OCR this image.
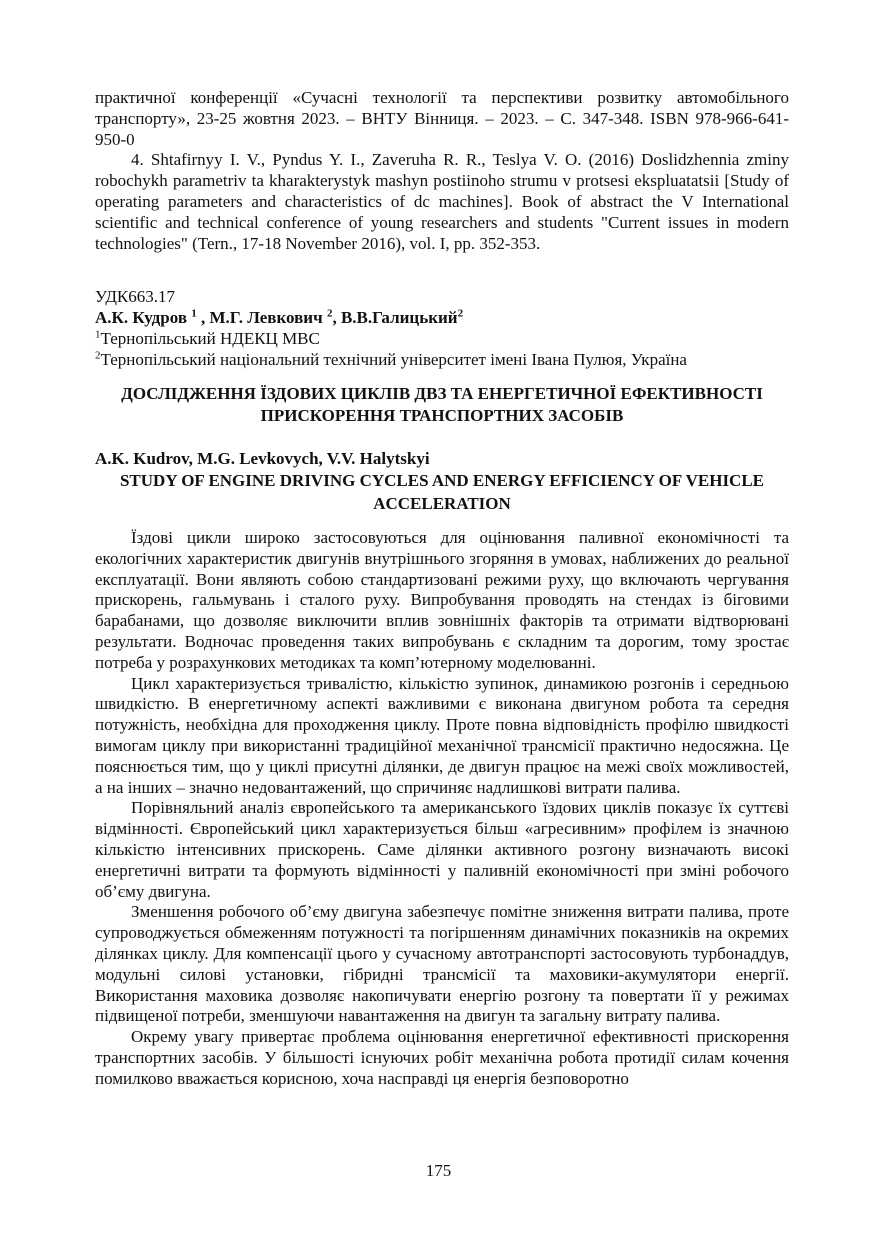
практичної конференції «Сучасні технології та перспективи розвитку автомобільного транспорту», 23-25 жовтня 2023. – ВНТУ Вінниця. – 2023. – С. 347-348. ISBN 978-966-641- 950-0

4. Shtafirnyy I. V., Pyndus Y. I., Zaveruha R. R., Teslya V. O. (2016) Doslidzhennia zminy robochykh parametriv ta kharakterystyk mashyn postiinoho strumu v protsesi ekspluatatsii [Study of operating parameters and characteristics of dc machines]. Book of abstract the V International scientific and technical conference of young researchers and students "Current issues in modern technologies" (Tern., 17-18 November 2016), vol. I, pp. 352-353.

УДК663.17

А.К. Кудров $^1$ , М.Г. Левкович $^2$, В.В.Галицький$^2$

$^1$Тернопільський НДЕКЦ МВС

$^2$Тернопільський національний технічний університет імені Івана Пулюя, Україна

ДОСЛІДЖЕННЯ ЇЗДОВИХ ЦИКЛІВ ДВЗ ТА ЕНЕРГЕТИЧНОЇ ЕФЕКТИВНОСТІ ПРИСКОРЕННЯ ТРАНСПОРТНИХ ЗАСОБІВ

A.K. Kudrov, M.G. Levkovych, V.V. Halytskyi

STUDY OF ENGINE DRIVING CYCLES AND ENERGY EFFICIENCY OF VEHICLE ACCELERATION

Їздові цикли широко застосовуються для оцінювання паливної економічності та екологічних характеристик двигунів внутрішнього згоряння в умовах, наближених до реальної експлуатації. Вони являють собою стандартизовані режими руху, що включають чергування прискорень, гальмувань і сталого руху. Випробування проводять на стендах із біговими барабанами, що дозволяє виключити вплив зовнішніх факторів та отримати відтворювані результати. Водночас проведення таких випробувань є складним та дорогим, тому зростає потреба у розрахункових методиках та комп’ютерному моделюванні.

Цикл характеризується тривалістю, кількістю зупинок, динамикою розгонів і середньою швидкістю. В енергетичному аспекті важливими є виконана двигуном робота та середня потужність, необхідна для проходження циклу. Проте повна відповідність профілю швидкості вимогам циклу при використанні традиційної механічної трансмісії практично недосяжна. Це пояснюється тим, що у циклі присутні ділянки, де двигун працює на межі своїх можливостей, а на інших – значно недовантажений, що спричиняє надлишкові витрати палива.

Порівняльний аналіз європейського та американського їздових циклів показує їх суттєві відмінності. Європейський цикл характеризується більш «агресивним» профілем із значною кількістю інтенсивних прискорень. Саме ділянки активного розгону визначають високі енергетичні витрати та формують відмінності у паливній економічності при зміні робочого об’єму двигуна.

Зменшення робочого об’єму двигуна забезпечує помітне зниження витрати палива, проте супроводжується обмеженням потужності та погіршенням динамічних показників на окремих ділянках циклу. Для компенсації цього у сучасному автотранспорті застосовують турбонаддув, модульні силові установки, гібридні трансмісії та маховики-акумулятори енергії. Використання маховика дозволяє накопичувати енергію розгону та повертати її у режимах підвищеної потреби, зменшуючи навантаження на двигун та загальну витрату палива.

Окрему увагу привертає проблема оцінювання енергетичної ефективності прискорення транспортних засобів. У більшості існуючих робіт механічна робота протидії силам кочення помилково вважається корисною, хоча насправді ця енергія безповоротно

175
